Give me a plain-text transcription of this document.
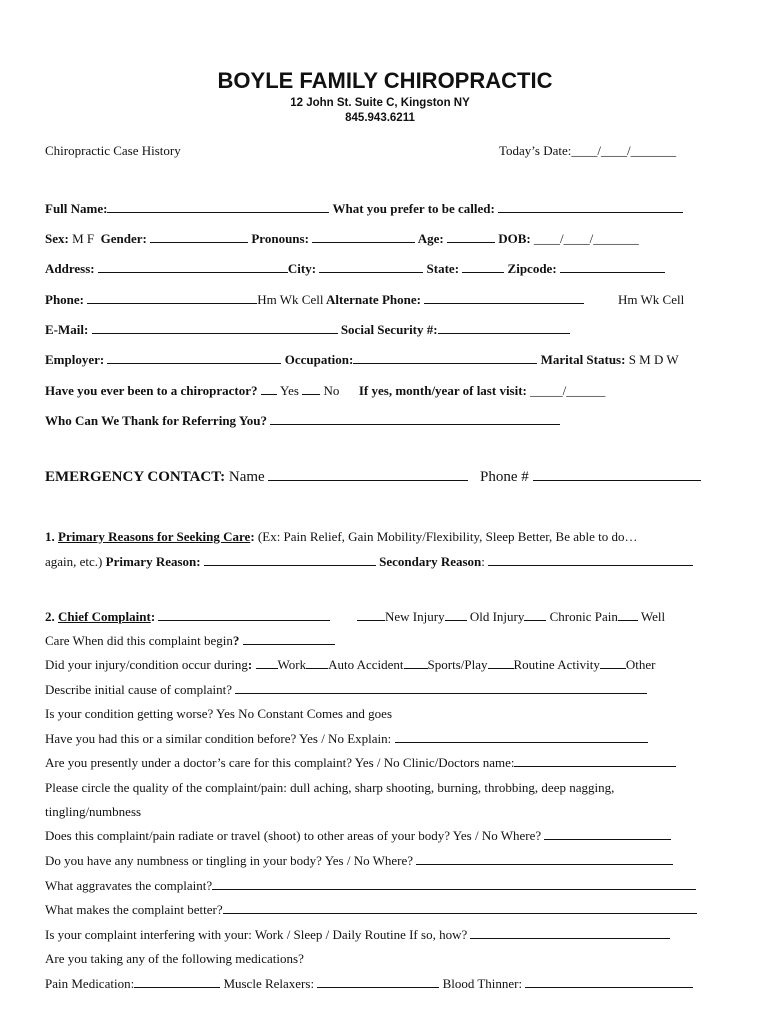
BOYLE FAMILY CHIROPRACTIC
12 John St. Suite C, Kingston NY
845.943.6211
Chiropractic Case History	Today’s Date:____/____/_______
Full Name:	What you prefer to be called:
Sex: M F Gender:	Pronouns:	Age:	DOB: ____/____/_______
Address:	City:	State:	Zipcode:
Phone:	Hm Wk Cell Alternate Phone:	Hm Wk Cell
E-Mail:	Social Security #:
Employer:	Occupation:	Marital Status: S M D W
Have you ever been to a chiropractor? Yes No If yes, month/year of last visit: _____/______
Who Can We Thank for Referring You?
EMERGENCY CONTACT: Name	Phone #
1. Primary Reasons for Seeking Care: (Ex: Pain Relief, Gain Mobility/Flexibility, Sleep Better, Be able to do…
again, etc.) Primary Reason:	Secondary Reason:
2. Chief Complaint:	New Injury Old Injury Chronic Pain Well
Care When did this complaint begin?
Did your injury/condition occur during: Work Auto Accident Sports/Play Routine Activity Other
Describe initial cause of complaint?
Is your condition getting worse? Yes No Constant Comes and goes
Have you had this or a similar condition before? Yes / No Explain:
Are you presently under a doctor’s care for this complaint? Yes / No Clinic/Doctors name:
Please circle the quality of the complaint/pain: dull aching, sharp shooting, burning, throbbing, deep nagging,
tingling/numbness
Does this complaint/pain radiate or travel (shoot) to other areas of your body? Yes / No Where?
Do you have any numbness or tingling in your body? Yes / No Where?
What aggravates the complaint?
What makes the complaint better?
Is your complaint interfering with your: Work / Sleep / Daily Routine If so, how?
Are you taking any of the following medications?
Pain Medication:	Muscle Relaxers:	Blood Thinner:
